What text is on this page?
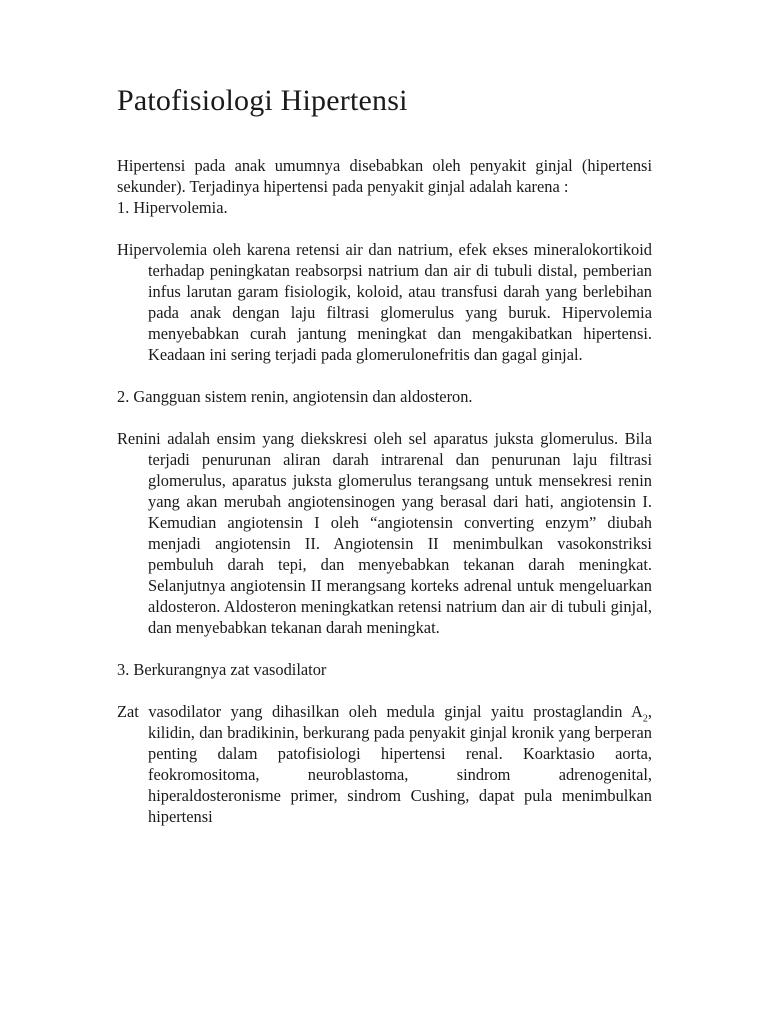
Patofisiologi Hipertensi

Hipertensi pada anak umumnya disebabkan oleh penyakit ginjal (hipertensi sekunder). Terjadinya hipertensi pada penyakit ginjal adalah karena :

1. Hipervolemia.

Hipervolemia oleh karena retensi air dan natrium, efek ekses mineralokortikoid terhadap peningkatan reabsorpsi natrium dan air di tubuli distal, pemberian infus larutan garam fisiologik, koloid, atau transfusi darah yang berlebihan pada anak dengan laju filtrasi glomerulus yang buruk. Hipervolemia menyebabkan curah jantung meningkat dan mengakibatkan hipertensi. Keadaan ini sering terjadi pada glomerulonefritis dan gagal ginjal.

2. Gangguan sistem renin, angiotensin dan aldosteron.

Renini adalah ensim yang diekskresi oleh sel aparatus juksta glomerulus. Bila terjadi penurunan aliran darah intrarenal dan penurunan laju filtrasi glomerulus, aparatus juksta glomerulus terangsang untuk mensekresi renin yang akan merubah angiotensinogen yang berasal dari hati, angiotensin I. Kemudian angiotensin I oleh “angiotensin converting enzym” diubah menjadi angiotensin II. Angiotensin II menimbulkan vasokonstriksi pembuluh darah tepi, dan menyebabkan tekanan darah meningkat. Selanjutnya angiotensin II merangsang korteks adrenal untuk mengeluarkan aldosteron. Aldosteron meningkatkan retensi natrium dan air di tubuli ginjal, dan menyebabkan tekanan darah meningkat.

3. Berkurangnya zat vasodilator

Zat vasodilator yang dihasilkan oleh medula ginjal yaitu prostaglandin $A_2$, kilidin, dan bradikinin, berkurang pada penyakit ginjal kronik yang berperan penting dalam patofisiologi hipertensi renal. Koarktasio aorta, feokromositoma, neuroblastoma, sindrom adrenogenital, hiperaldosteronisme primer, sindrom Cushing, dapat pula menimbulkan hipertensi
